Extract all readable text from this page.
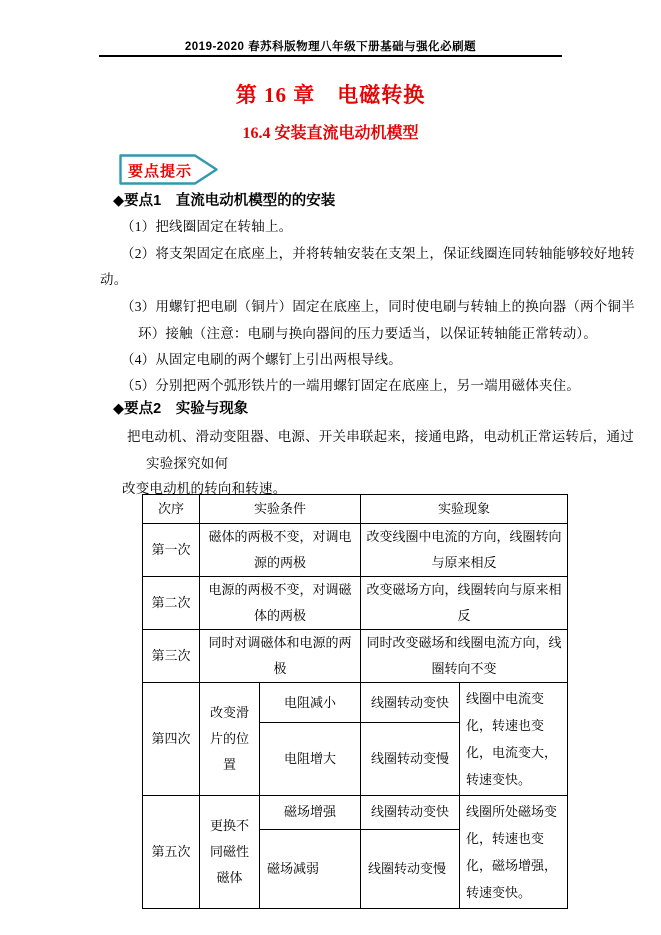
2019-2020 春苏科版物理八年级下册基础与强化必刷题
第 16 章　电磁转换
16.4 安装直流电动机模型
要点提示
◆要点1　直流电动机模型的的安装
（1）把线圈固定在转轴上。
（2）将支架固定在底座上，并将转轴安装在支架上，保证线圈连同转轴能够较好地转
动。
（3）用螺钉把电刷（铜片）固定在底座上，同时使电刷与转轴上的换向器（两个铜半
环）接触（注意：电刷与换向器间的压力要适当，以保证转轴能正常转动）。
（4）从固定电刷的两个螺钉上引出两根导线。
（5）分别把两个弧形铁片的一端用螺钉固定在底座上，另一端用磁体夹住。
◆要点2　实验与现象
把电动机、滑动变阻器、电源、开关串联起来，接通电路，电动机正常运转后，通过
实验探究如何
改变电动机的转向和转速。
次序	实验条件		实验现象	
第一次	磁体的两极不变，对调电源的两极		改变线圈中电流的方向，线圈转向与原来相反	
第二次	电源的两极不变，对调磁体的两极		改变磁场方向，线圈转向与原来相反	
第三次	同时对调磁体和电源的两极		同时改变磁场和线圈电流方向，线圈转向不变	
第四次	改变滑片的位置	电阻减小	线圈转动变快	线圈中电流变化，转速也变化，电流变大，转速变快。
		电阻增大	线圈转动变慢	
第五次	更换不同磁性磁体	磁场增强	线圈转动变快	线圈所处磁场变化，转速也变化，磁场增强，转速变快。
		磁场减弱	线圈转动变慢	
